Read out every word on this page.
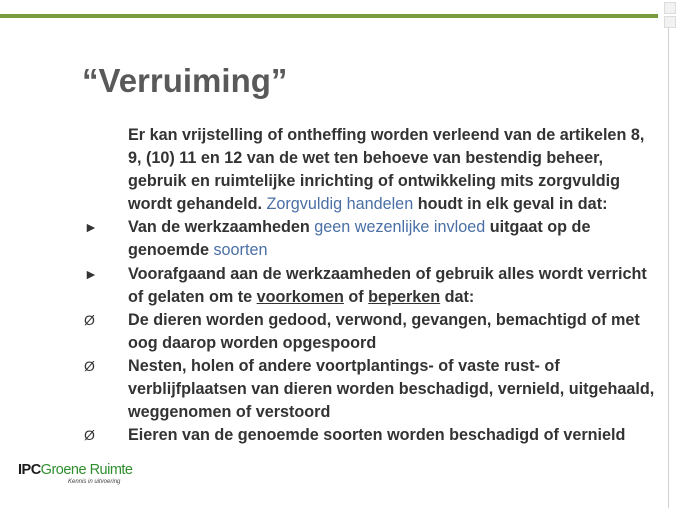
“Verruiming”
Er kan vrijstelling of ontheffing worden verleend van de artikelen 8, 9, (10) 11 en 12 van de wet ten behoeve van bestendig beheer, gebruik en ruimtelijke inrichting of ontwikkeling mits zorgvuldig wordt gehandeld. Zorgvuldig handelen houdt in elk geval in dat:
► Van de werkzaamheden geen wezenlijke invloed uitgaat op de genoemde soorten
► Voorafgaand aan de werkzaamheden of gebruik alles wordt verricht of gelaten om te voorkomen of beperken dat:
Ø De dieren worden gedood, verwond, gevangen, bemachtigd of met oog daarop worden opgespoord
Ø Nesten, holen of andere voortplantings- of vaste rust- of verblijfplaatsen van dieren worden beschadigd, vernield, uitgehaald, weggenomen of verstoord
Ø Eieren van de genoemde soorten worden beschadigd of vernield
IPCGroene Ruimte
Kennis in uitvoering
